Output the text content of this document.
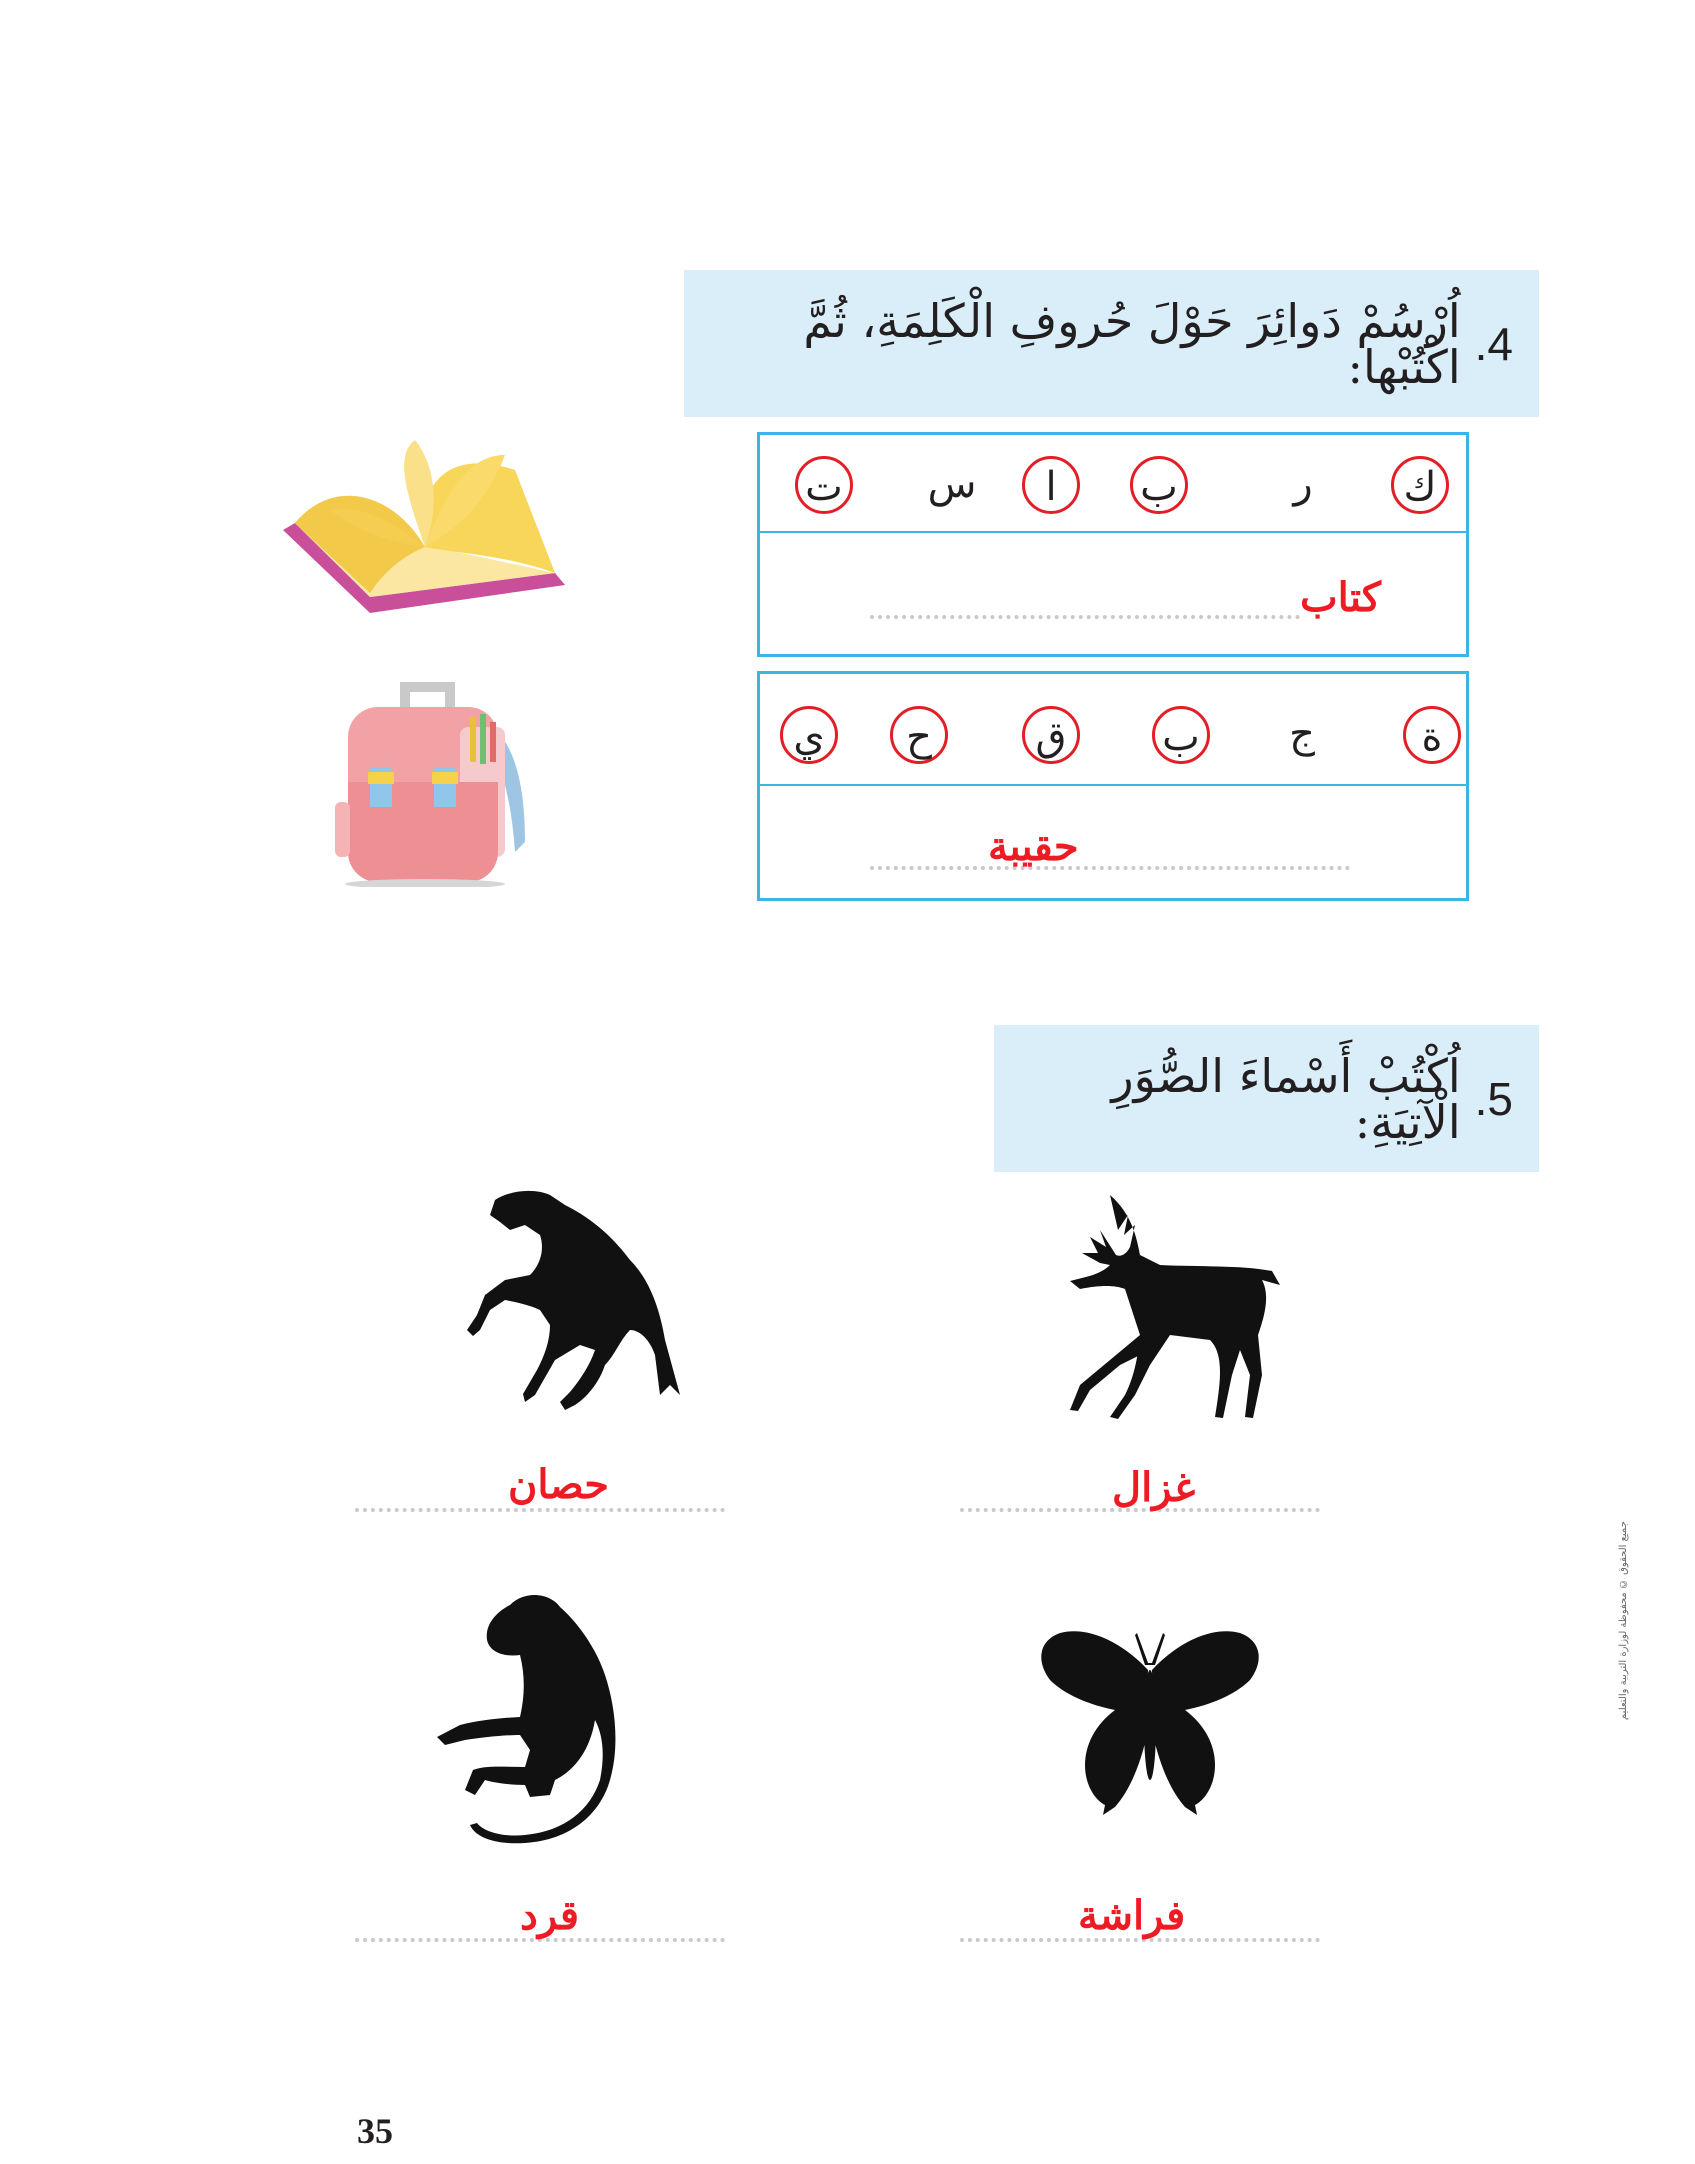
4.
اُرْسُمْ دَوائِرَ حَوْلَ حُروفِ الْكَلِمَةِ، ثُمَّ اكْتُبْها:
ك
ر
ب
ا
س
ت
كتاب
ة
ج
ب
ق
ح
ي
حقيبة
5.
اُكْتُبْ أَسْماءَ الصُّوَرِ الْآتِيَةِ:
غزال
حصان
فراشة
قرد
35
جميع الحقوق © محفوظة لوزارة التربية والتعليم
